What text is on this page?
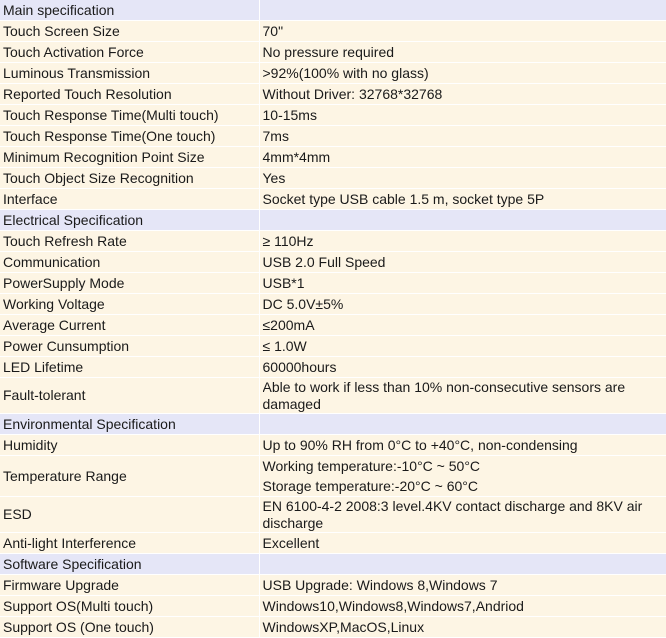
Main specification	
Touch Screen Size	70"
Touch Activation Force	No pressure required
Luminous Transmission	>92%(100% with no glass)
Reported Touch Resolution	Without Driver: 32768*32768
Touch Response Time(Multi touch)	10-15ms
Touch Response Time(One touch)	7ms
Minimum Recognition Point Size	4mm*4mm
Touch Object Size Recognition	Yes
Interface	Socket type USB cable 1.5 m, socket type 5P
Electrical Specification	
Touch Refresh Rate	≥ 110Hz
Communication	USB 2.0 Full Speed
PowerSupply Mode	USB*1
Working Voltage	DC 5.0V±5%
Average Current	≤200mA
Power Cunsumption	≤ 1.0W
LED Lifetime	60000hours
Fault-tolerant	Able to work if less than 10% non-consecutive sensors are damaged

Environmental Specification	
Humidity	Up to 90% RH from 0°C to +40°C, non-condensing
Temperature Range	Working temperature:-10°C ~ 50°C
Storage temperature:-20°C ~ 60°C

ESD	EN 6100-4-2 2008:3 level.4KV contact discharge and 8KV air discharge

Anti-light Interference	Excellent
Software Specification	
Firmware Upgrade	USB Upgrade: Windows 8,Windows 7
Support OS(Multi touch)	Windows10,Windows8,Windows7,Andriod
Support OS (One touch)	WindowsXP,MacOS,Linux
